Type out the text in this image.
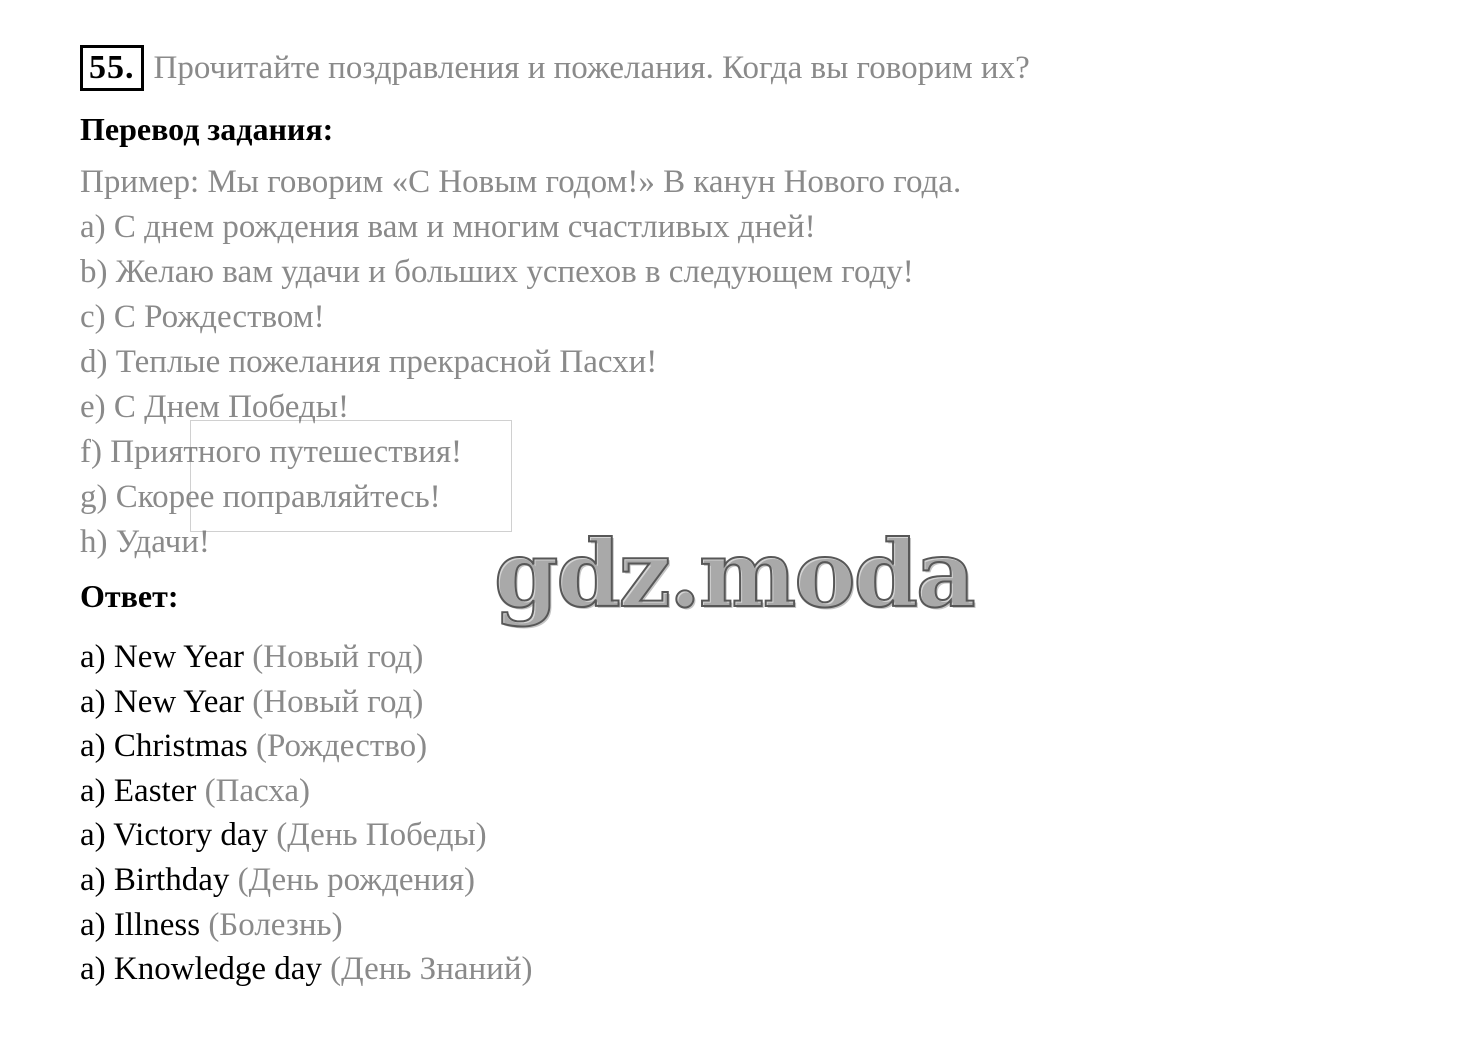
55. Прочитайте поздравления и пожелания. Когда вы говорим их?
Перевод задания:
Пример: Мы говорим «С Новым годом!» В канун Нового года.
a) С днем рождения вам и многим счастливых дней!
b) Желаю вам удачи и больших успехов в следующем году!
c) С Рождеством!
d) Теплые пожелания прекрасной Пасхи!
e) С Днем Победы!
f) Приятного путешествия!
g) Скорее поправляйтесь!
h) Удачи!
Ответ:
a) New Year (Новый год)
a) New Year (Новый год)
a) Christmas (Рождество)
a) Easter (Пасха)
a) Victory day (День Победы)
a) Birthday (День рождения)
a) Illness (Болезнь)
a) Knowledge day (День Знаний)
gdz.moda
